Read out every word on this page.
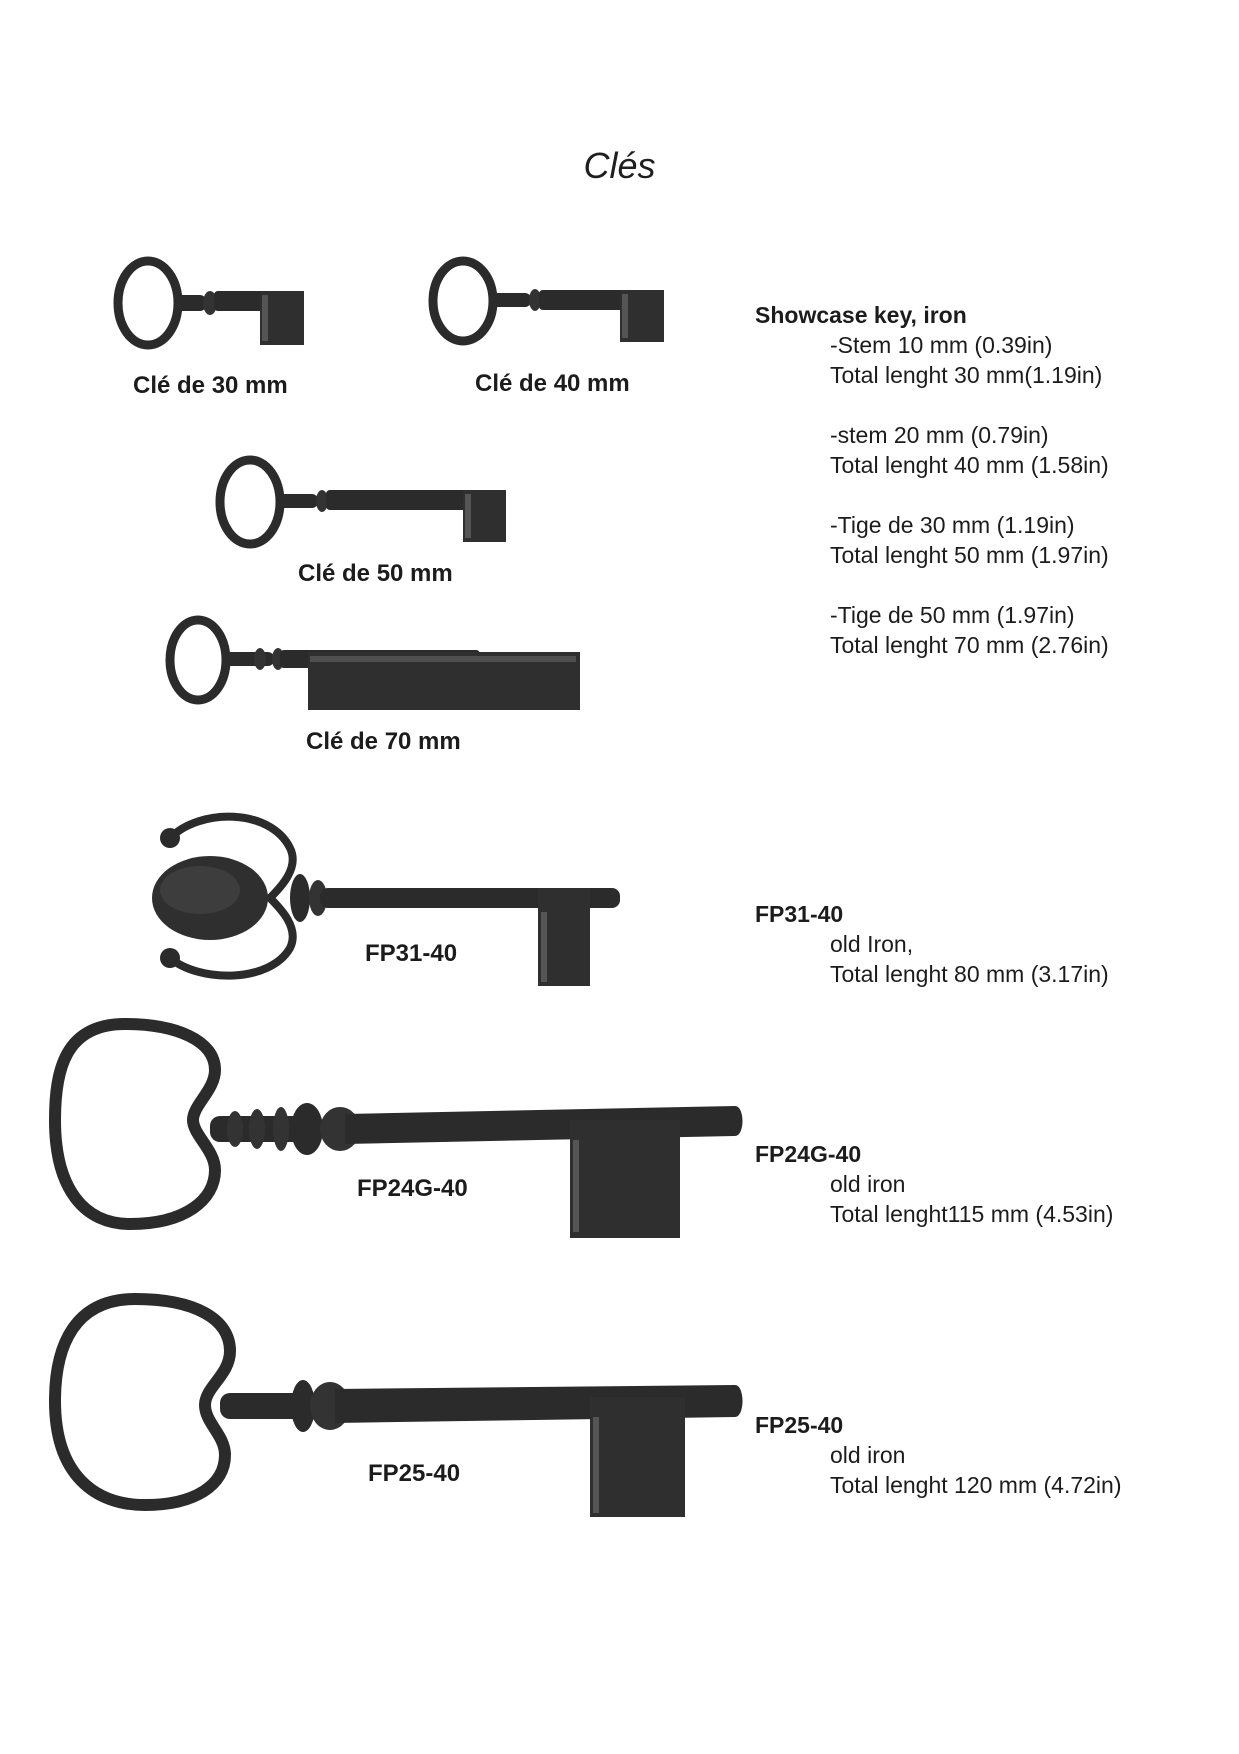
Clés
Clé de 30 mm	Clé de 40 mm
Clé de 50 mm
Clé de 70 mm
FP31-40
FP24G-40
FP25-40
Showcase key, iron
-Stem 10 mm (0.39in)
Total lenght 30 mm(1.19in)
-stem 20 mm (0.79in)
Total lenght 40 mm (1.58in)
-Tige de 30 mm (1.19in)
Total lenght 50 mm (1.97in)
-Tige de 50 mm (1.97in)
Total lenght 70 mm (2.76in)
FP31-40
old Iron,
Total lenght 80 mm (3.17in)
FP24G-40
old iron
Total lenght115 mm (4.53in)
FP25-40
old iron
Total lenght 120 mm (4.72in)
